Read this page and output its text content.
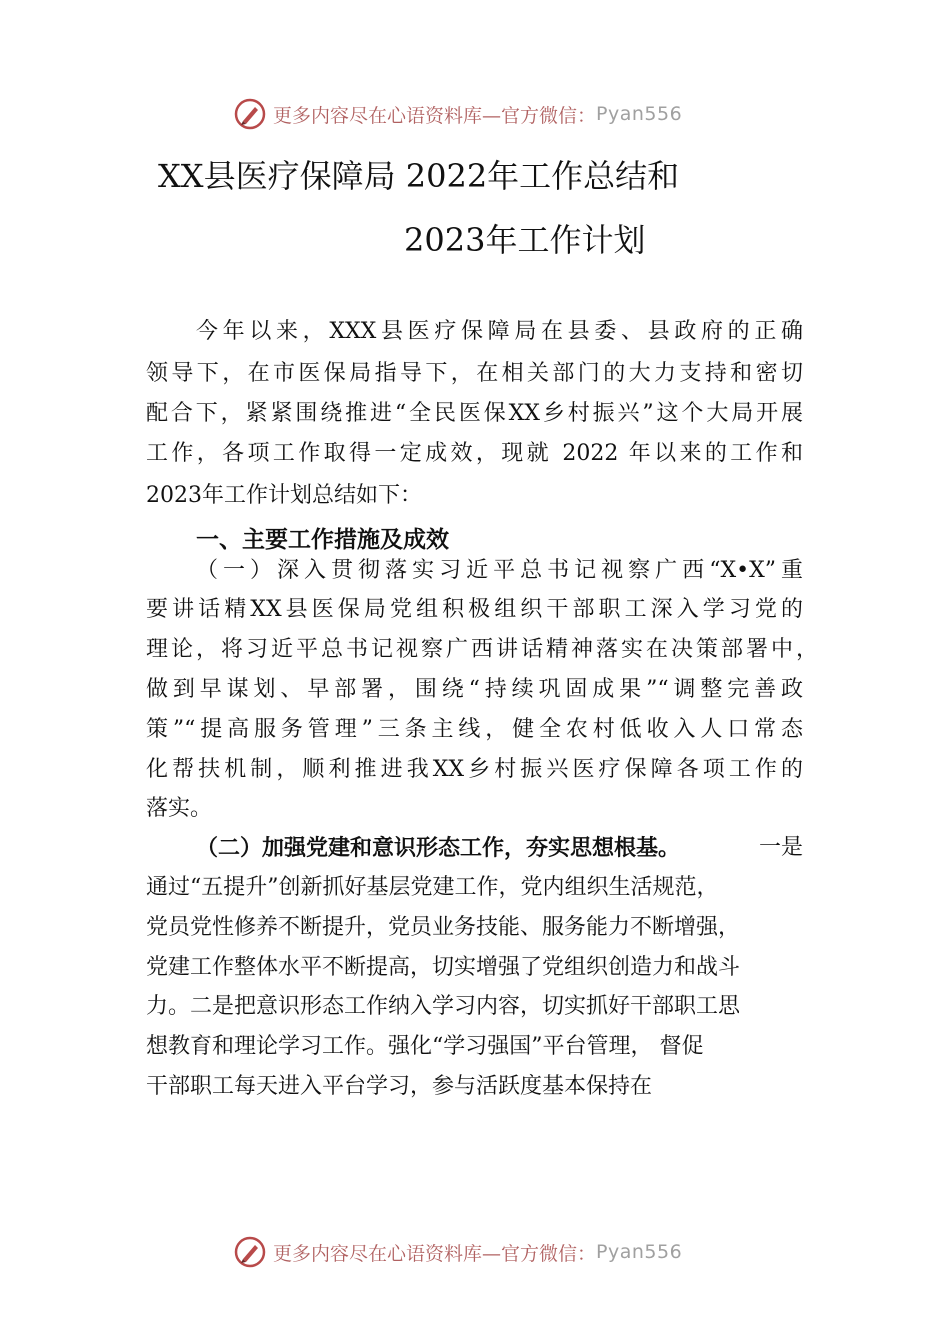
更多内容尽在心语资料库—官方微信： Pyan556
XX县医疗保障局 2022年工作总结和
2023年工作计划
今年以来，XXX县医疗保障局在县委、县政府的正确
领导下，在市医保局指导下，在相关部门的大力支持和密切
配合下，紧紧围绕推进“全民医保XX乡村振兴”这个大局开展
工作，各项工作取得一定成效，现就 2022 年以来的工作和
2023年工作计划总结如下：
一、主要工作措施及成效
（一）深入贯彻落实习近平总书记视察广西“X•X”重
要讲话精XX县医保局党组积极组织干部职工深入学习党的
理论，将习近平总书记视察广西讲话精神落实在决策部署中，
做到早谋划、早部署，围绕“持续巩固成果”“调整完善政
策”“提高服务管理”三条主线，健全农村低收入人口常态
化帮扶机制，顺利推进我XX乡村振兴医疗保障各项工作的
落实。
（二）加强党建和意识形态工作，夯实思想根基。	一是
通过“五提升”创新抓好基层党建工作，党内组织生活规范，
党员党性修养不断提升，党员业务技能、服务能力不断增强，
党建工作整体水平不断提高，切实增强了党组织创造力和战斗
力。二是把意识形态工作纳入学习内容，切实抓好干部职工思
想教育和理论学习工作。强化“学习强国”平台管理， 督促
干部职工每天进入平台学习，参与活跃度基本保持在
更多内容尽在心语资料库—官方微信： Pyan556
